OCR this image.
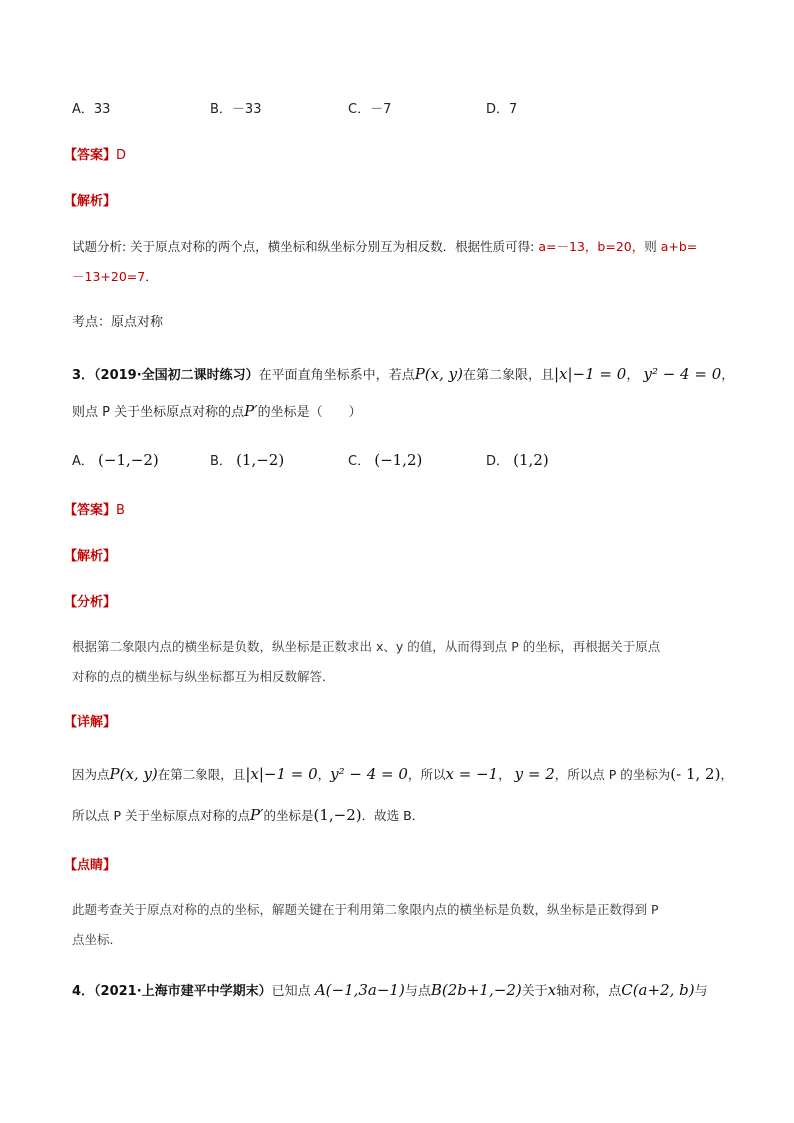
A．33	B．－33	C．－7	D．7
【答案】D
【解析】
试题分析: 关于原点对称的两个点，横坐标和纵坐标分别互为相反数．根据性质可得: a=－13，b=20，则 a+b=
－13+20=7．
考点：原点对称
3．（2019·全国初二课时练习）在平面直角坐标系中，若点P(x, y)在第二象限，且|x|−1 = 0， y² − 4 = 0，
则点 P 关于坐标原点对称的点P′的坐标是（　　）
A． (−1,−2)	B． (1,−2)	C． (−1,2)	D． (1,2)
【答案】B
【解析】
【分析】
根据第二象限内点的横坐标是负数，纵坐标是正数求出 x、y 的值，从而得到点 P 的坐标，再根据关于原点
对称的点的横坐标与纵坐标都互为相反数解答．
【详解】
因为点P(x, y)在第二象限，且|x|−1 = 0，y² − 4 = 0，所以x = −1， y = 2，所以点 P 的坐标为(- 1, 2)，
所以点 P 关于坐标原点对称的点P′的坐标是(1,−2)．故选 B．
【点睛】
此题考查关于原点对称的点的坐标，解题关键在于利用第二象限内点的横坐标是负数，纵坐标是正数得到 P
点坐标.
4．（2021·上海市建平中学期末）已知点 A(−1,3a−1)与点B(2b+1,−2)关于x轴对称，点C(a+2, b)与
